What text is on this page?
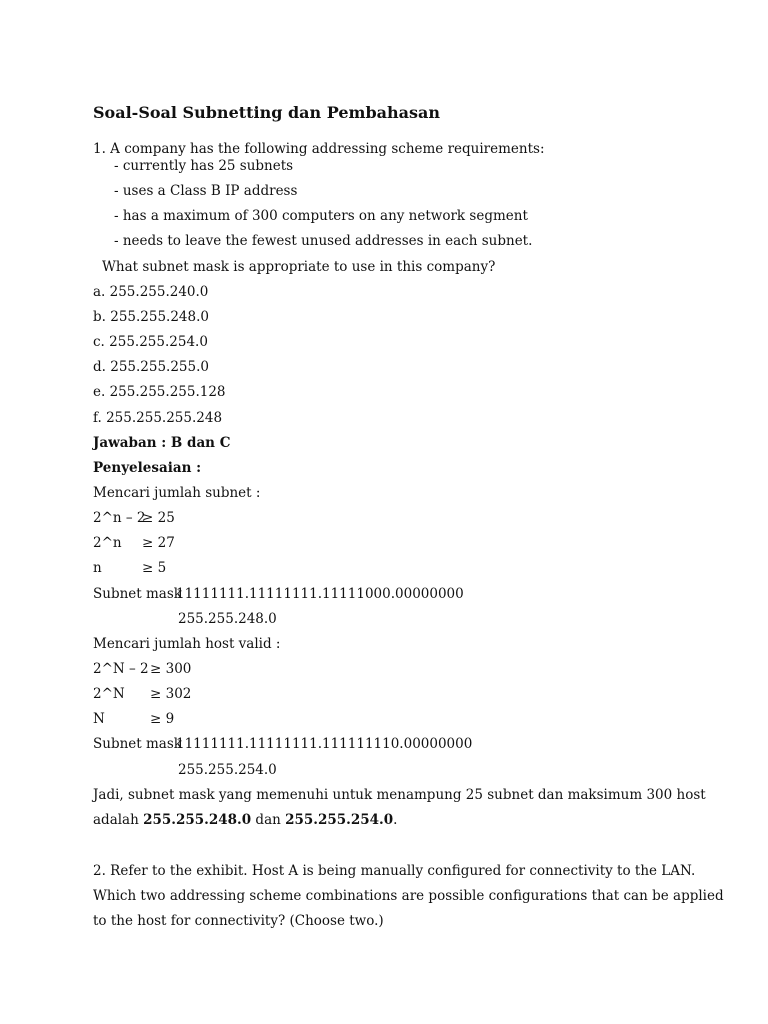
Soal-Soal Subnetting dan Pembahasan
1. A company has the following addressing scheme requirements:
- currently has 25 subnets
- uses a Class B IP address
- has a maximum of 300 computers on any network segment
- needs to leave the fewest unused addresses in each subnet.
What subnet mask is appropriate to use in this company?
a. 255.255.240.0
b. 255.255.248.0
c. 255.255.254.0
d. 255.255.255.0
e. 255.255.255.128
f. 255.255.255.248
Jawaban : B dan C
Penyelesaian :
Mencari jumlah subnet :
2^n – 2
≥ 25
2^n ≥ 27
n	≥ 5
Subnet mask
11111111.11111111.11111000.00000000
255.255.248.0
Mencari jumlah host valid :
2^N – 2 ≥ 300
2^N ≥ 302
N	≥ 9
Subnet mask
11111111.11111111.111111110.00000000
255.255.254.0
Jadi, subnet mask yang memenuhi untuk menampung 25 subnet dan maksimum 300 host
adalah 255.255.248.0 dan 255.255.254.0.
2. Refer to the exhibit. Host A is being manually configured for connectivity to the LAN.
Which two addressing scheme combinations are possible configurations that can be applied
to the host for connectivity? (Choose two.)
